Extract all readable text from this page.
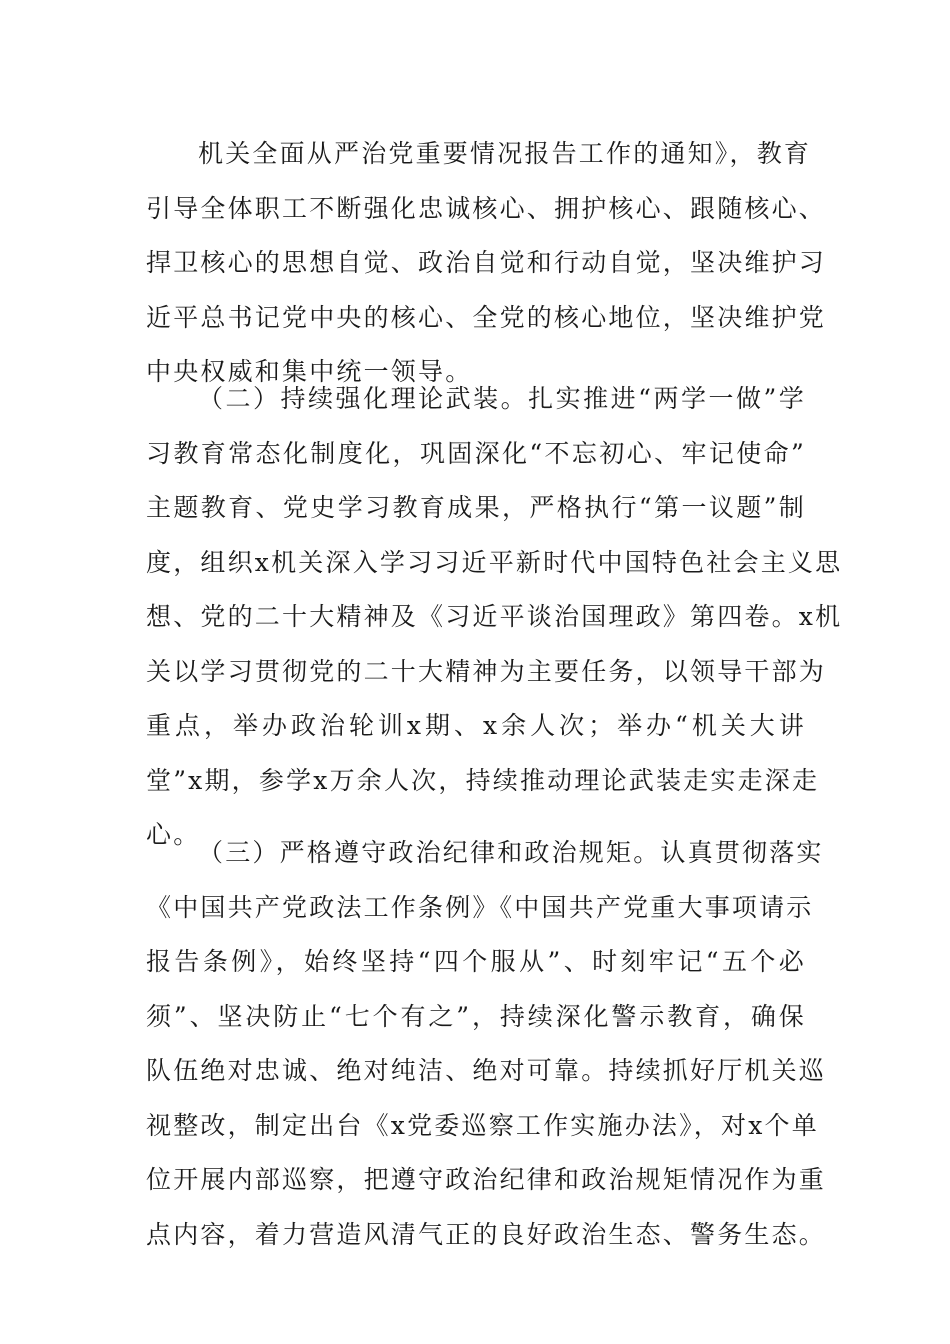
机关全面从严治党重要情况报告工作的通知》，教育
引导全体职工不断强化忠诚核心、拥护核心、跟随核心、
捍卫核心的思想自觉、政治自觉和行动自觉，坚决维护习
近平总书记党中央的核心、全党的核心地位，坚决维护党
中央权威和集中统一领导。
（二）持续强化理论武装。扎实推进“两学一做”学
习教育常态化制度化，巩固深化“不忘初心、牢记使命”
主题教育、党史学习教育成果，严格执行“第一议题”制
度，组织x机关深入学习习近平新时代中国特色社会主义思
想、党的二十大精神及《习近平谈治国理政》第四卷。x机
关以学习贯彻党的二十大精神为主要任务，以领导干部为
重点，举办政治轮训x期、x余人次；举办“机关大讲
堂”x期，参学x万余人次，持续推动理论武装走实走深走
心。
（三）严格遵守政治纪律和政治规矩。认真贯彻落实
《中国共产党政法工作条例》《中国共产党重大事项请示
报告条例》，始终坚持“四个服从”、时刻牢记“五个必
须”、坚决防止“七个有之”，持续深化警示教育，确保
队伍绝对忠诚、绝对纯洁、绝对可靠。持续抓好厅机关巡
视整改，制定出台《x党委巡察工作实施办法》，对x个单
位开展内部巡察，把遵守政治纪律和政治规矩情况作为重
点内容，着力营造风清气正的良好政治生态、警务生态。
